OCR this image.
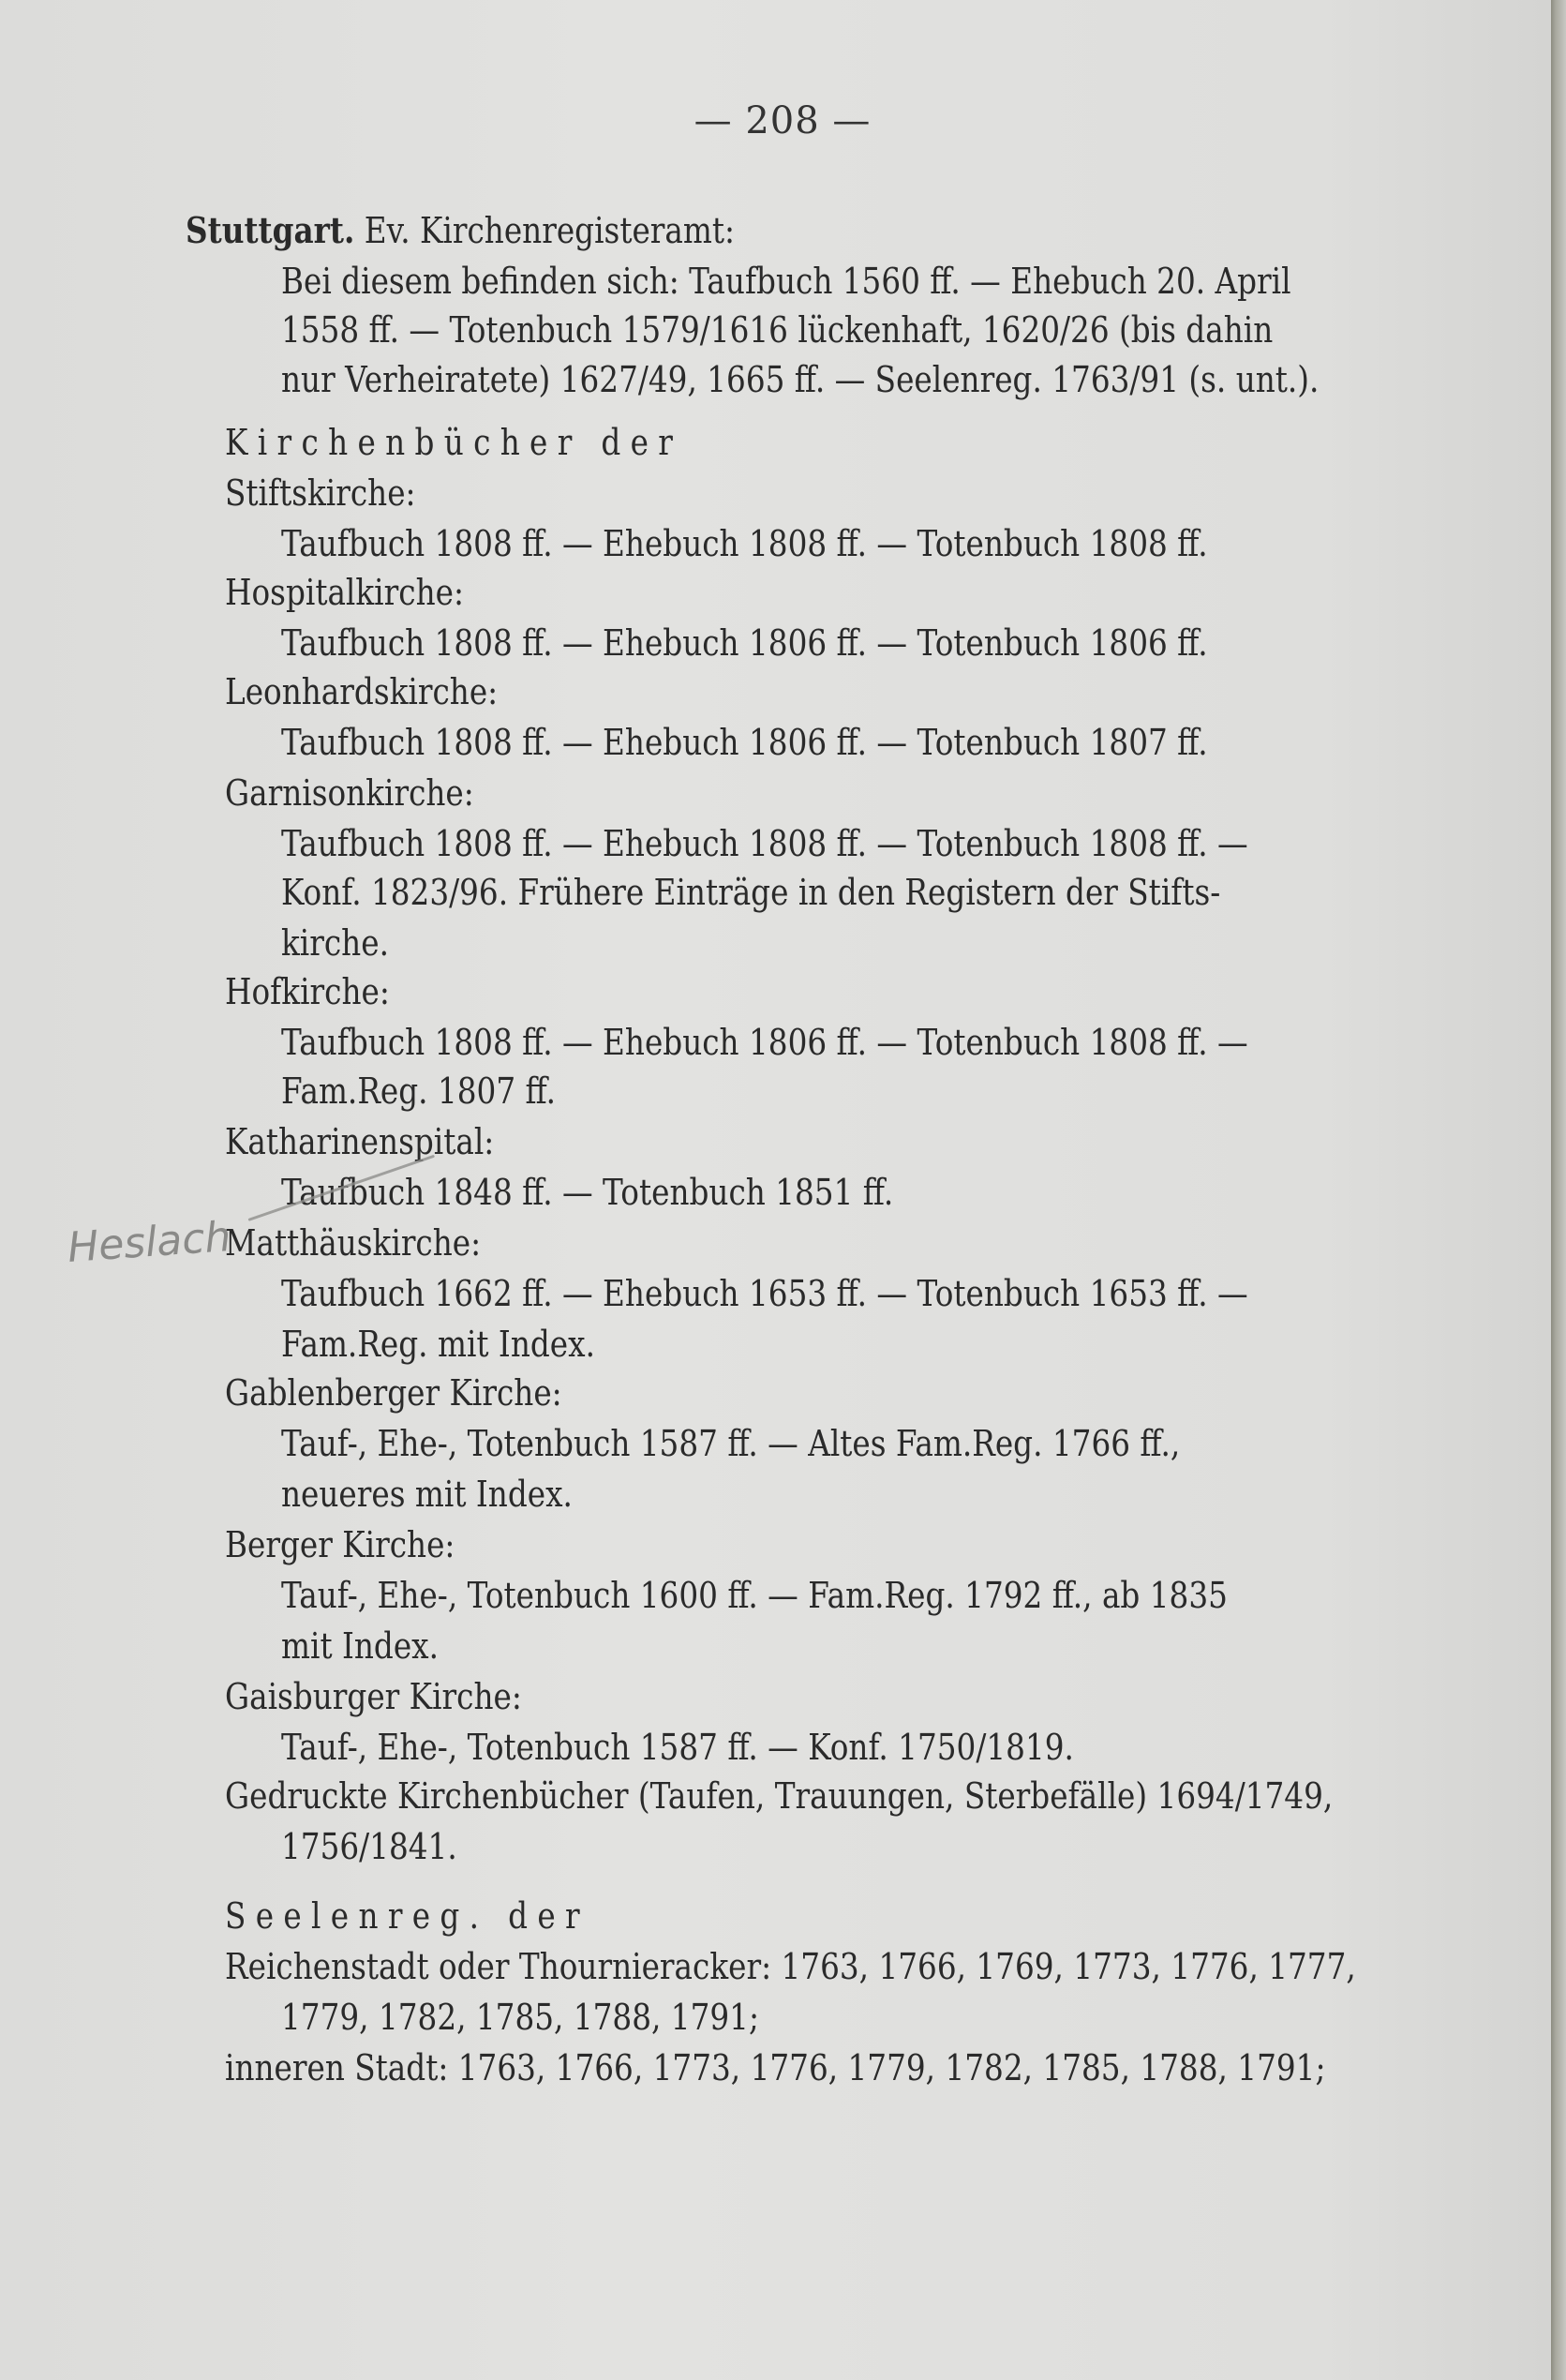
— 208 —
Stuttgart. Ev. Kirchenregisteramt:
Bei diesem befinden sich: Taufbuch 1560 ff. — Ehebuch 20. April
1558 ff. — Totenbuch 1579/1616 lückenhaft, 1620/26 (bis dahin
nur Verheiratete) 1627/49, 1665 ff. — Seelenreg. 1763/91 (s. unt.).
Kirchenbücher der
Stiftskirche:
Taufbuch 1808 ff. — Ehebuch 1808 ff. — Totenbuch 1808 ff.
Hospitalkirche:
Taufbuch 1808 ff. — Ehebuch 1806 ff. — Totenbuch 1806 ff.
Leonhardskirche:
Taufbuch 1808 ff. — Ehebuch 1806 ff. — Totenbuch 1807 ff.
Garnisonkirche:
Taufbuch 1808 ff. — Ehebuch 1808 ff. — Totenbuch 1808 ff. —
Konf. 1823/96. Frühere Einträge in den Registern der Stifts-
kirche.
Hofkirche:
Taufbuch 1808 ff. — Ehebuch 1806 ff. — Totenbuch 1808 ff. —
Fam.Reg. 1807 ff.
Katharinenspital:
Taufbuch 1848 ff. — Totenbuch 1851 ff.
Matthäuskirche:
Taufbuch 1662 ff. — Ehebuch 1653 ff. — Totenbuch 1653 ff. —
Fam.Reg. mit Index.
Gablenberger Kirche:
Tauf-, Ehe-, Totenbuch 1587 ff. — Altes Fam.Reg. 1766 ff.,
neueres mit Index.
Berger Kirche:
Tauf-, Ehe-, Totenbuch 1600 ff. — Fam.Reg. 1792 ff., ab 1835
mit Index.
Gaisburger Kirche:
Tauf-, Ehe-, Totenbuch 1587 ff. — Konf. 1750/1819.
Gedruckte Kirchenbücher (Taufen, Trauungen, Sterbefälle) 1694/1749,
1756/1841.
Seelenreg. der
Reichenstadt oder Thournieracker: 1763, 1766, 1769, 1773, 1776, 1777,
1779, 1782, 1785, 1788, 1791;
inneren Stadt: 1763, 1766, 1773, 1776, 1779, 1782, 1785, 1788, 1791;
Heslach
